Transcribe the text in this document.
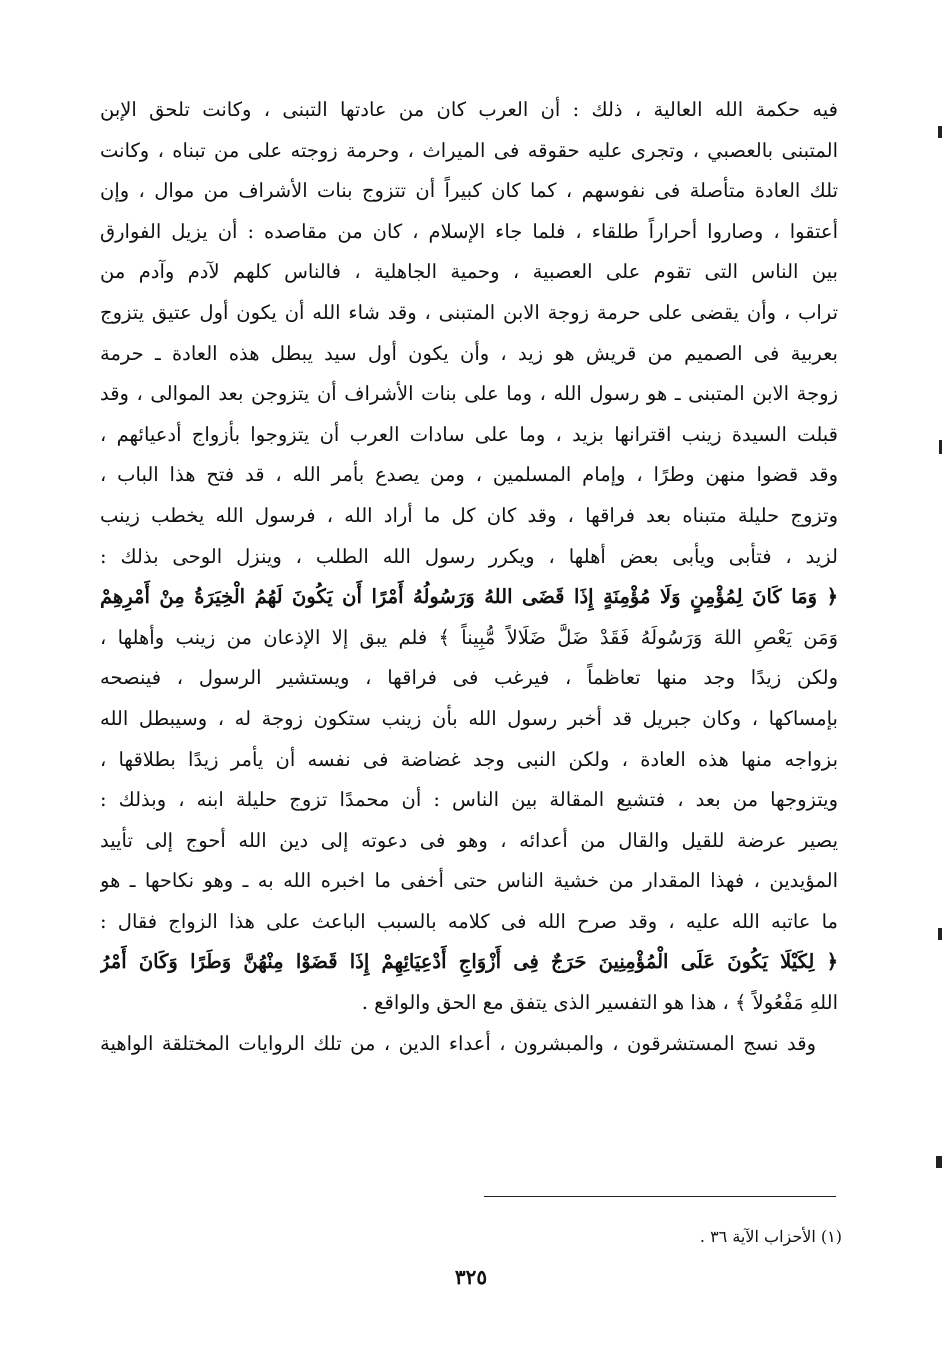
فيه حكمة الله العالية ، ذلك : أن العرب كان من عادتها التبنى ، وكانت تلحق الإبن
المتبنى بالعصبي ، وتجرى عليه حقوقه فى الميراث ، وحرمة زوجته على من تبناه ، وكانت
تلك العادة متأصلة فى نفوسهم ، كما كان كبيراً أن تتزوج بنات الأشراف من موال ، وإن
أعتقوا ، وصاروا أحراراً طلقاء ، فلما جاء الإسلام ، كان من مقاصده : أن يزيل الفوارق
بين الناس التى تقوم على العصبية ، وحمية الجاهلية ، فالناس كلهم لآدم وآدم من
تراب ، وأن يقضى على حرمة زوجة الابن المتبنى ، وقد شاء الله أن يكون أول عتيق يتزوج
بعربية فى الصميم من قريش هو زيد ، وأن يكون أول سيد يبطل هذه العادة ـ حرمة
زوجة الابن المتبنى ـ هو رسول الله ، وما على بنات الأشراف أن يتزوجن بعد الموالى ، وقد
قبلت السيدة زينب اقترانها بزيد ، وما على سادات العرب أن يتزوجوا بأزواج أدعيائهم ،
وقد قضوا منهن وطرًا ، وإمام المسلمين ، ومن يصدع بأمر الله ، قد فتح هذا الباب ،
وتزوج حليلة متبناه بعد فراقها ، وقد كان كل ما أراد الله ، فرسول الله يخطب زينب
لزيد ، فتأبى ويأبى بعض أهلها ، ويكرر رسول الله الطلب ، وينزل الوحى بذلك :
﴿ وَمَا كَانَ لِمُؤْمِنٍ وَلَا مُؤْمِنَةٍ إِذَا قَضَى اللهُ وَرَسُولُهُ أَمْرًا أَن يَكُونَ لَهُمُ الْخِيَرَةُ مِنْ أَمْرِهِمْ
وَمَن يَعْصِ اللهَ وَرَسُولَهُ فَقَدْ ضَلَّ ضَلَالاً مُّبِيناً ﴾ فلم يبق إلا الإذعان من زينب وأهلها ،
ولكن زيدًا وجد منها تعاظماً ، فيرغب فى فراقها ، ويستشير الرسول ، فينصحه
بإمساكها ، وكان جبريل قد أخبر رسول الله بأن زينب ستكون زوجة له ، وسيبطل الله
بزواجه منها هذه العادة ، ولكن النبى وجد غضاضة فى نفسه أن يأمر زيدًا بطلاقها ،
ويتزوجها من بعد ، فتشيع المقالة بين الناس : أن محمدًا تزوج حليلة ابنه ، وبذلك :
يصير عرضة للقيل والقال من أعدائه ، وهو فى دعوته إلى دين الله أحوج إلى تأييد
المؤيدين ، فهذا المقدار من خشية الناس حتى أخفى ما اخبره الله به ـ وهو نكاحها ـ هو
ما عاتبه الله عليه ، وقد صرح الله فى كلامه بالسبب الباعث على هذا الزواج فقال :
﴿ لِكَيْلَا يَكُونَ عَلَى الْمُؤْمِنِينَ حَرَجٌ فِى أَزْوَاجِ أَدْعِيَائِهِمْ إِذَا قَضَوْا مِنْهُنَّ وَطَرًا وَكَانَ أَمْرُ
اللهِ مَفْعُولاً ﴾ ، هذا هو التفسير الذى يتفق مع الحق والواقع .
وقد نسج المستشرقون ، والمبشرون ، أعداء الدين ، من تلك الروايات المختلقة الواهية
(١) الأحزاب الآية ٣٦ .
٣٢٥
